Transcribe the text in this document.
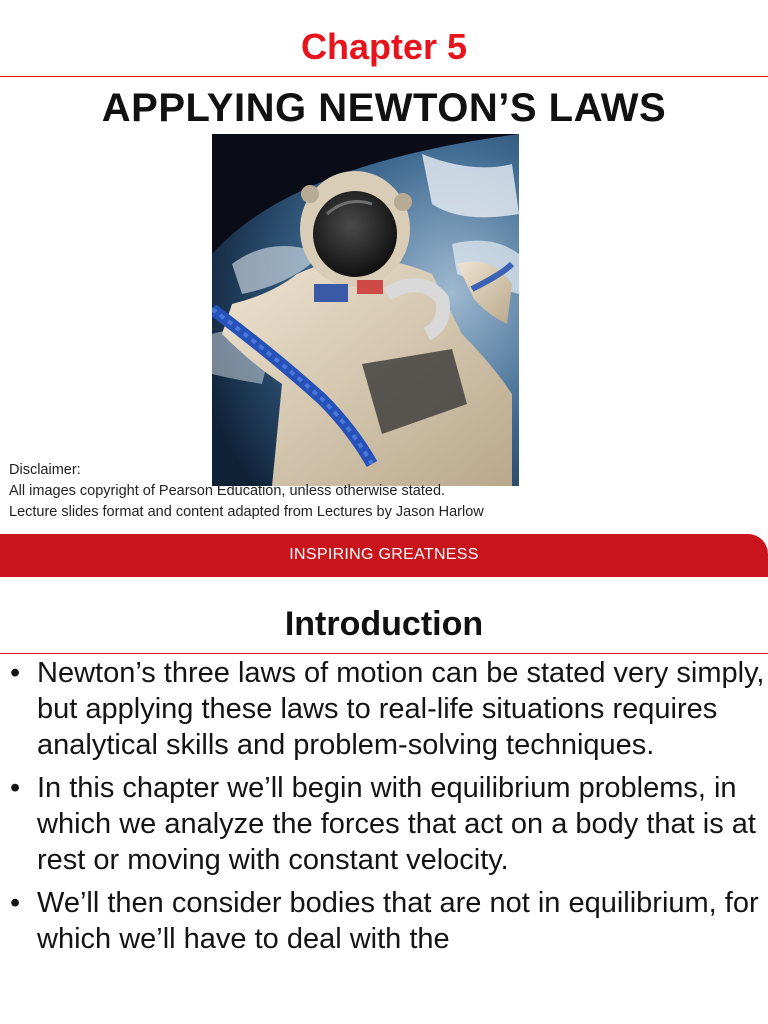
Chapter 5
APPLYING NEWTON’S LAWS
Disclaimer:
All images copyright of Pearson Education, unless otherwise stated.
Lecture slides format and content adapted from Lectures by Jason Harlow
INSPIRING GREATNESS
Introduction
• Newton’s three laws of motion can be stated very simply, but applying these laws to real-life situations requires analytical skills and problem-solving techniques.
• In this chapter we’ll begin with equilibrium problems, in which we analyze the forces that act on a body that is at rest or moving with constant velocity.
• We’ll then consider bodies that are not in equilibrium, for which we’ll have to deal with the
